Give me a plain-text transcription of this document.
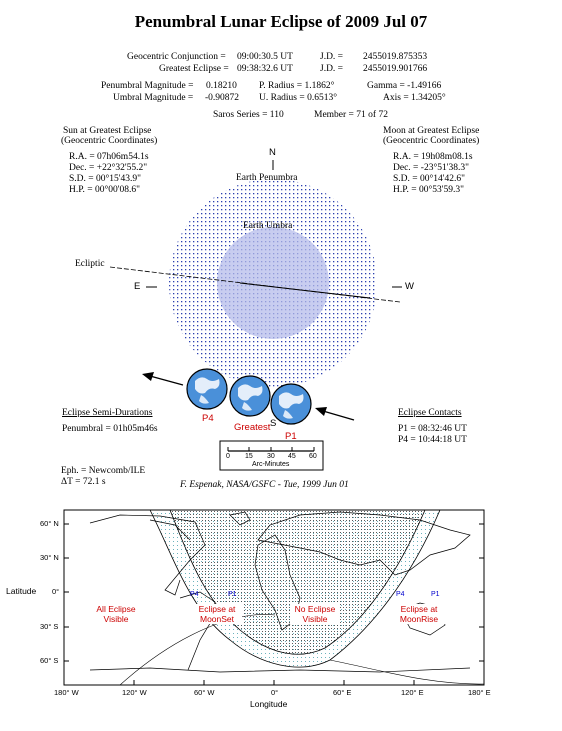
Penumbral Lunar Eclipse of 2009 Jul 07
Geocentric Conjunction = 09:00:30.5 UT	J.D. = 2455019.875353
Greatest Eclipse = 09:38:32.6 UT	J.D. = 2455019.901766
Penumbral Magnitude = 0.18210 P. Radius = 1.1862°	Gamma = -1.49166
Umbral Magnitude = -0.90872 U. Radius = 0.6513°	Axis = 1.34205°
Saros Series = 110	Member = 71 of 72
Sun at Greatest Eclipse
(Geocentric Coordinates)
R.A. = 07h06m54.1s
Dec. = +22°32'55.2"
S.D. = 00°15'43.9"
H.P. = 00°00'08.6"
Moon at Greatest Eclipse
(Geocentric Coordinates)
R.A. = 19h08m08.1s
Dec. = -23°51'38.3"
S.D. = 00°14'42.6"
H.P. = 00°53'59.3"
N
Earth Penumbra
Earth Umbra
Ecliptic
E	W
S
P4
Greatest
P1
0 15 30 45 60
Arc-Minutes
Eclipse Semi-Durations
Penumbral = 01h05m46s
Eclipse Contacts
P1 = 08:32:46 UT
P4 = 10:44:18 UT
Eph. = Newcomb/ILE
ΔT = 72.1 s	F. Espenak, NASA/GSFC - Tue, 1999 Jun 01
60° N
30° N
0°
30° S
60° S
Latitude
180° W	120° W	60° W	0°	60° E	120° E	180° E
Longitude
All Eclipse
Visible
Eclipse at
MoonSet
No Eclipse
Visible
Eclipse at
MoonRise
P4	P1	P4	P1
